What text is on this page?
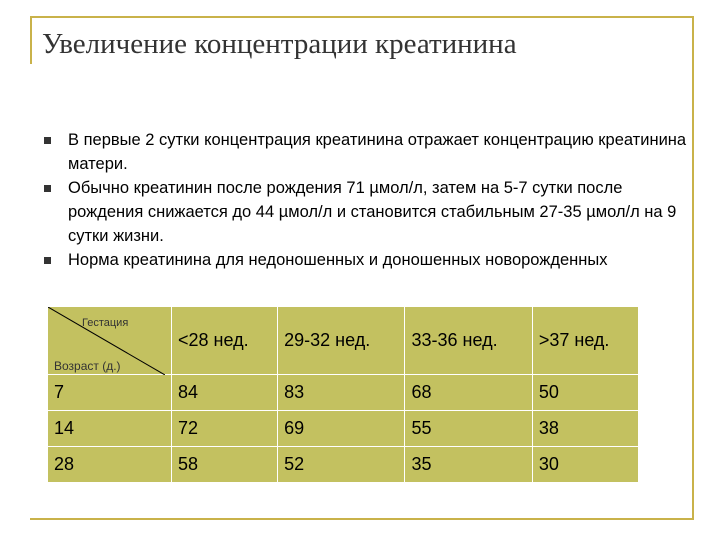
Увеличение концентрации креатинина
В первые 2 сутки концентрация креатинина отражает концентрацию креатинина матери.
Обычно креатинин после рождения 71 µмол/л, затем на 5-7 сутки после рождения снижается до 44 µмол/л и становится стабильным 27-35 µмол/л на 9 сутки жизни.
Норма креатинина для недоношенных и доношенных новорожденных
Гестация
Возраст (д.)	<28 нед.	29-32 нед.	33-36 нед.	>37 нед.
7	84	83	68	50
14	72	69	55	38
28	58	52	35	30
